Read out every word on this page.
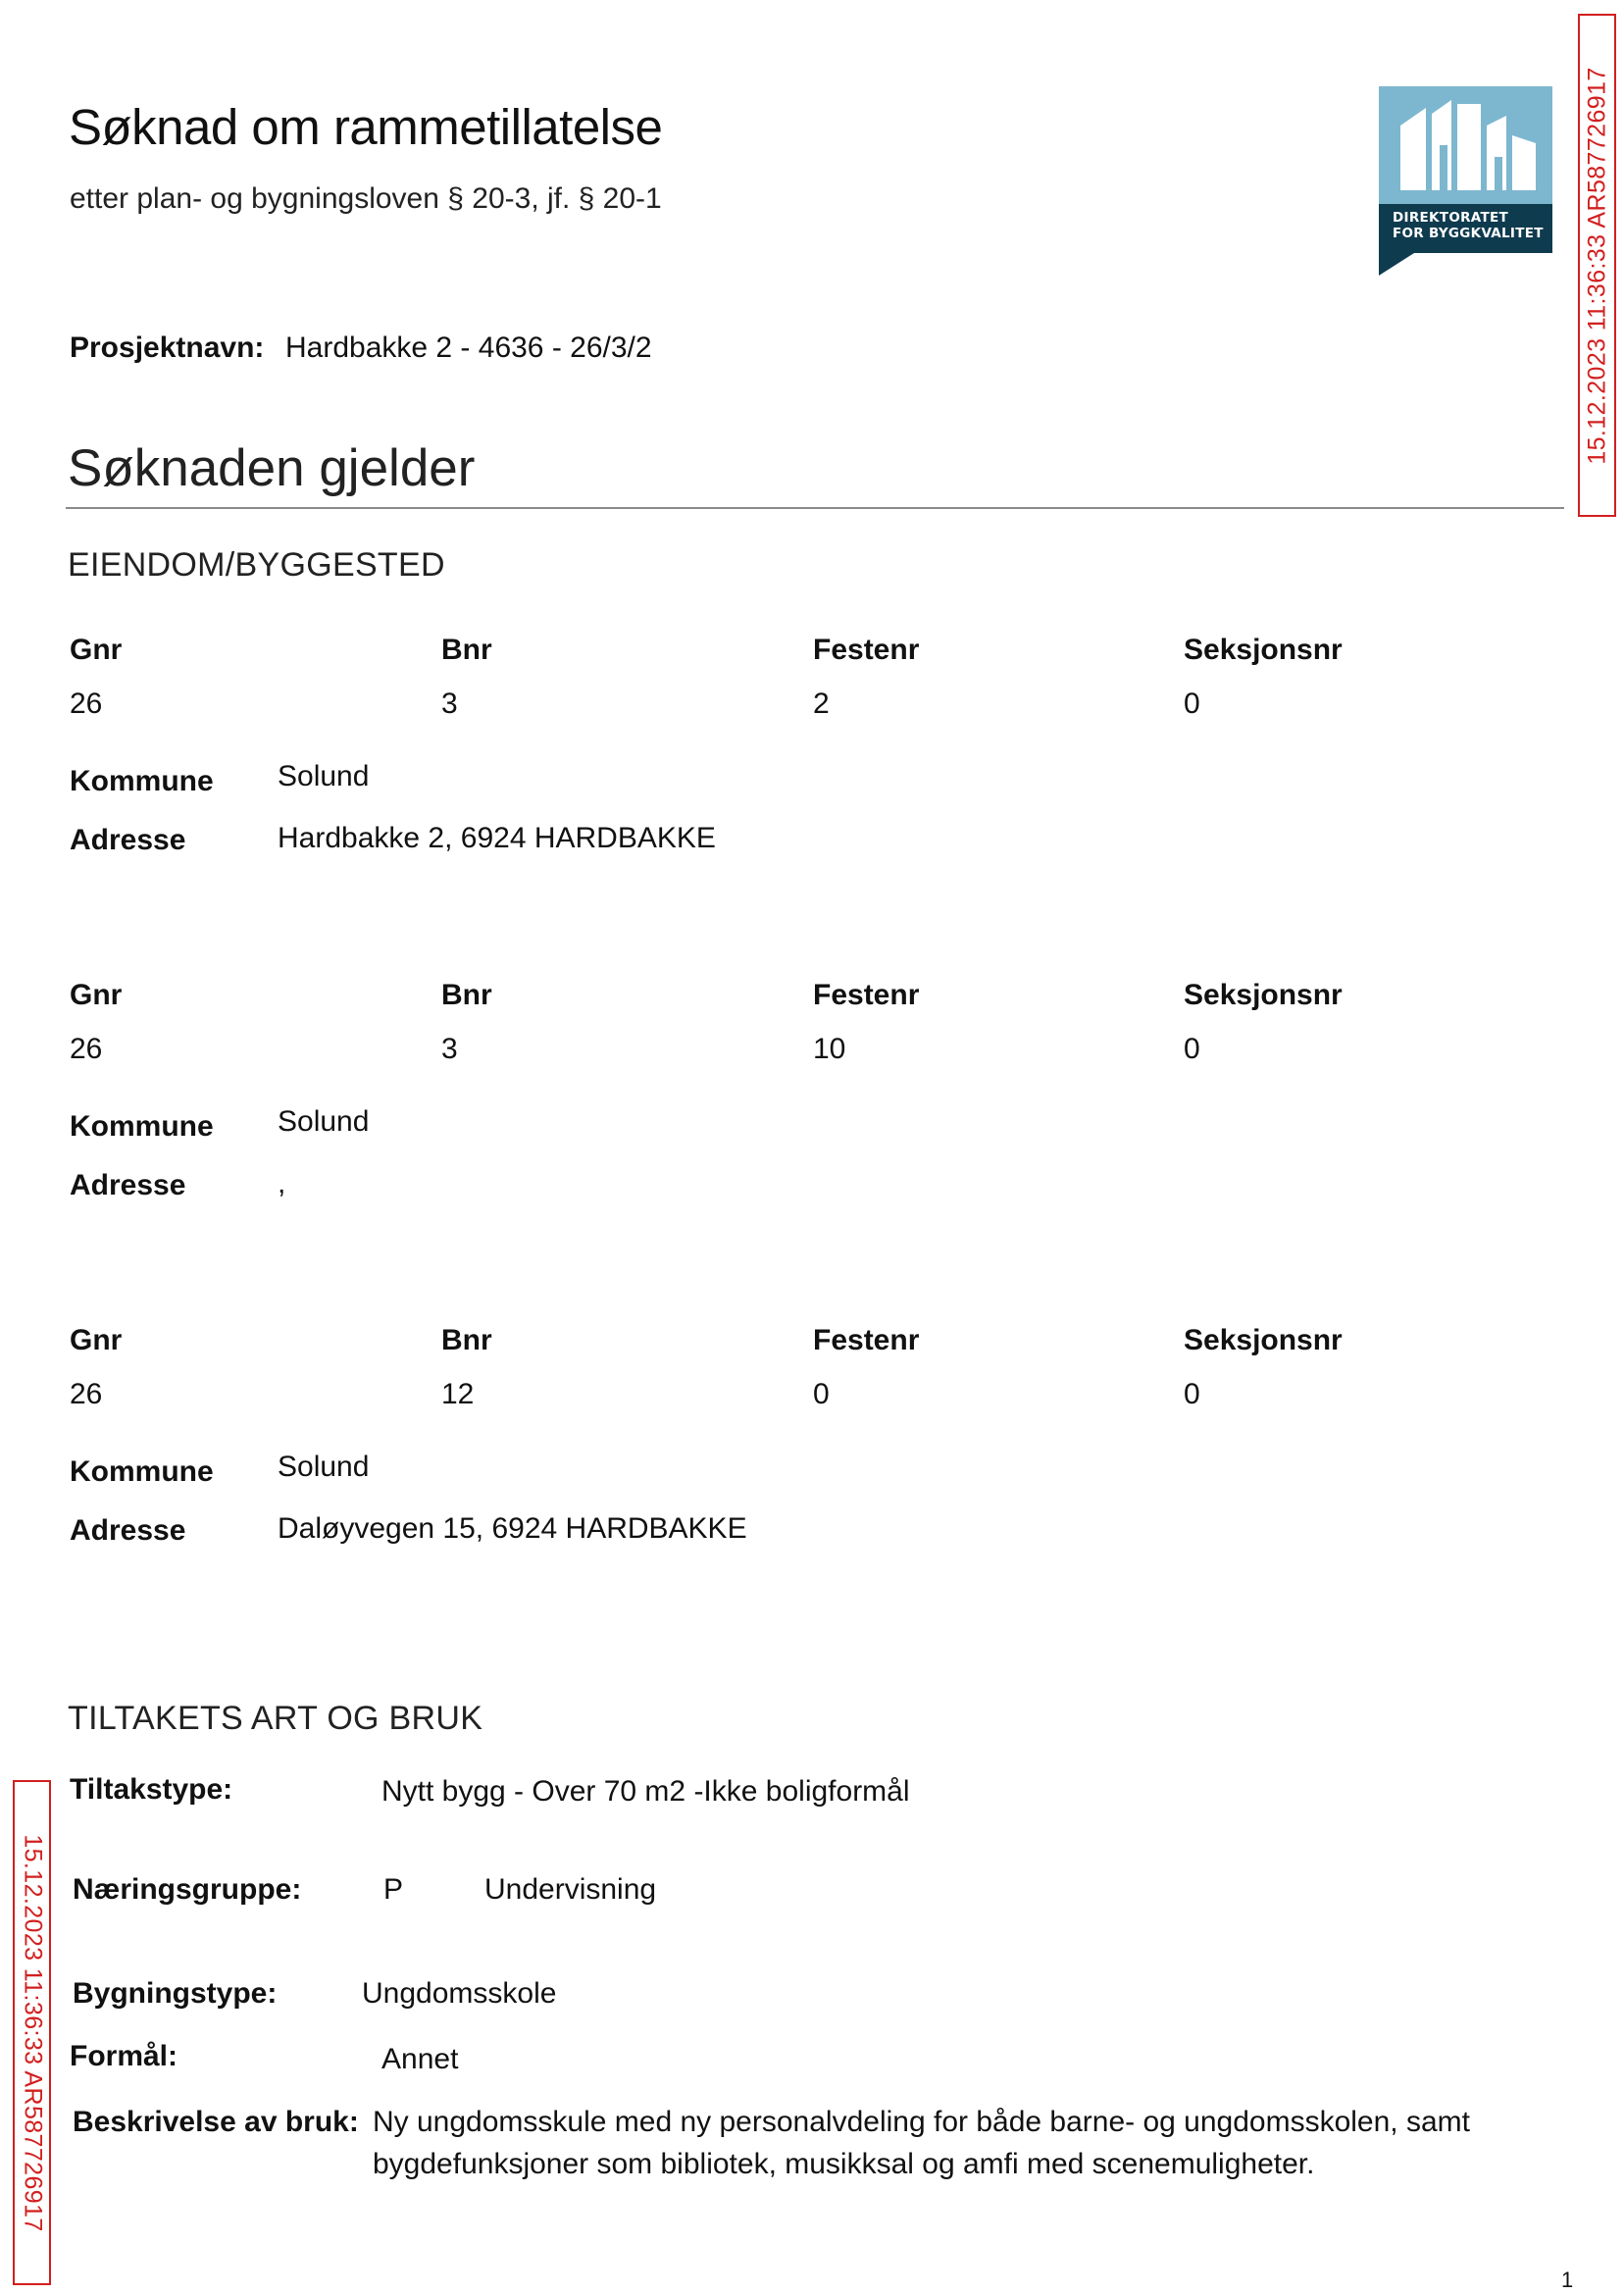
Søknad om rammetillatelse
etter plan- og bygningsloven § 20-3, jf. § 20-1
DIREKTORATET
FOR BYGGKVALITET
Prosjektnavn: Hardbakke 2 - 4636 - 26/3/2
Søknaden gjelder
EIENDOM/BYGGESTED
Gnr	Bnr	Festenr	Seksjonsnr
26	3	2	0
Kommune Solund
Adresse	Hardbakke 2, 6924 HARDBAKKE
Gnr	Bnr	Festenr	Seksjonsnr
26	3	10	0
Kommune Solund
Adresse	,
Gnr	Bnr	Festenr	Seksjonsnr
26	12	0	0
Kommune Solund
Adresse	Daløyvegen 15, 6924 HARDBAKKE
TILTAKETS ART OG BRUK
Tiltakstype:	Nytt bygg - Over 70 m2 -Ikke boligformål
Næringsgruppe:	P	Undervisning
Bygningstype:	Ungdomsskole
Formål:	Annet
Beskrivelse av bruk: Ny ungdomsskule med ny personalvdeling for både barne- og ungdomsskolen, samt
bygdefunksjoner som bibliotek, musikksal og amfi med scenemuligheter.
15.12.2023 11:36:33 AR587726917
15.12.2023 11:36:33 AR587726917
1
